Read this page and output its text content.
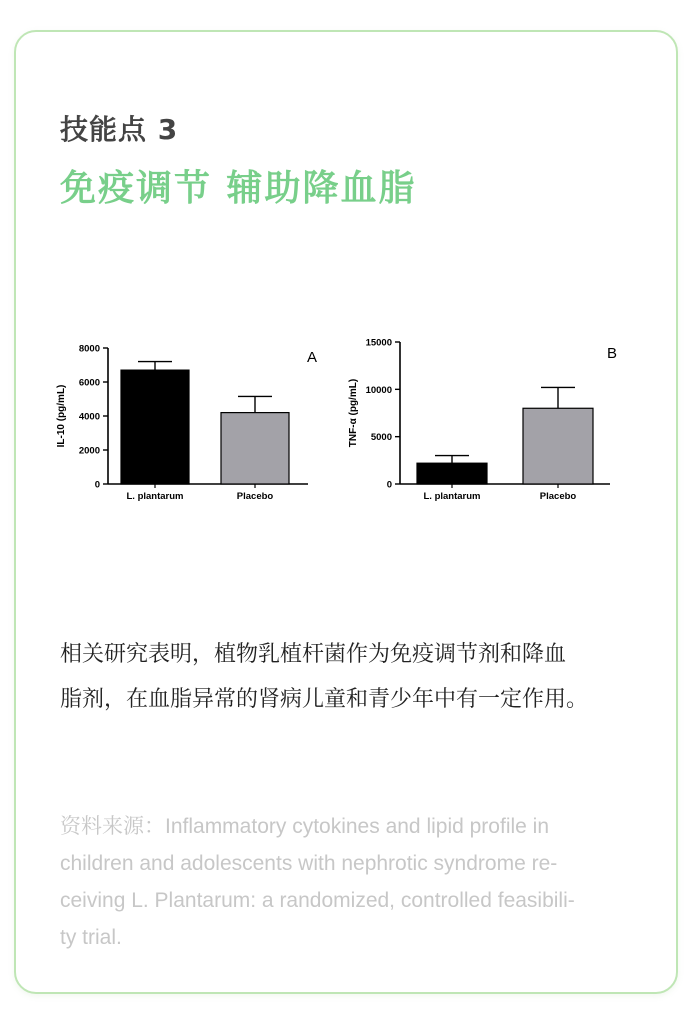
技能点 3
免疫调节 辅助降血脂
0
2000
4000
6000
8000
IL-10 (pg/mL)
L. plantarum	Placebo
A
0
5000
10000
15000
TNF-α (pg/mL)
L. plantarum	Placebo
B
相关研究表明，植物乳植杆菌作为免疫调节剂和降血
脂剂，在血脂异常的肾病儿童和青少年中有一定作用。
资料来源：Inflammatory cytokines and lipid profile in
children and adolescents with nephrotic syndrome re-
ceiving L. Plantarum: a randomized, controlled feasibili-
ty trial.
